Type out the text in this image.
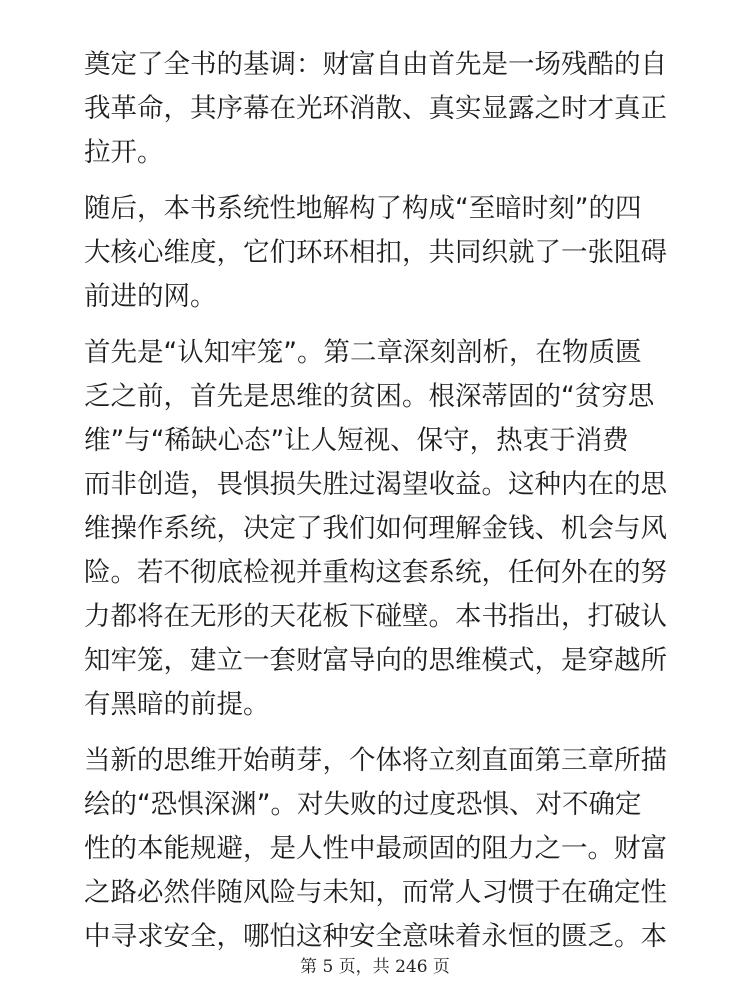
奠定了全书的基调：财富自由首先是一场残酷的自
我革命，其序幕在光环消散、真实显露之时才真正
拉开。

随后，本书系统性地解构了构成“至暗时刻”的四
大核心维度，它们环环相扣，共同织就了一张阻碍
前进的网。

首先是“认知牢笼”。第二章深刻剖析，在物质匮
乏之前，首先是思维的贫困。根深蒂固的“贫穷思
维”与“稀缺心态”让人短视、保守，热衷于消费
而非创造，畏惧损失胜过渴望收益。这种内在的思
维操作系统，决定了我们如何理解金钱、机会与风
险。若不彻底检视并重构这套系统，任何外在的努
力都将在无形的天花板下碰壁。本书指出，打破认
知牢笼，建立一套财富导向的思维模式，是穿越所
有黑暗的前提。

当新的思维开始萌芽，个体将立刻直面第三章所描
绘的“恐惧深渊”。对失败的过度恐惧、对不确定
性的本能规避，是人性中最顽固的阻力之一。财富
之路必然伴随风险与未知，而常人习惯于在确定性
中寻求安全，哪怕这种安全意味着永恒的匮乏。本

第 5 页，共 246 页
